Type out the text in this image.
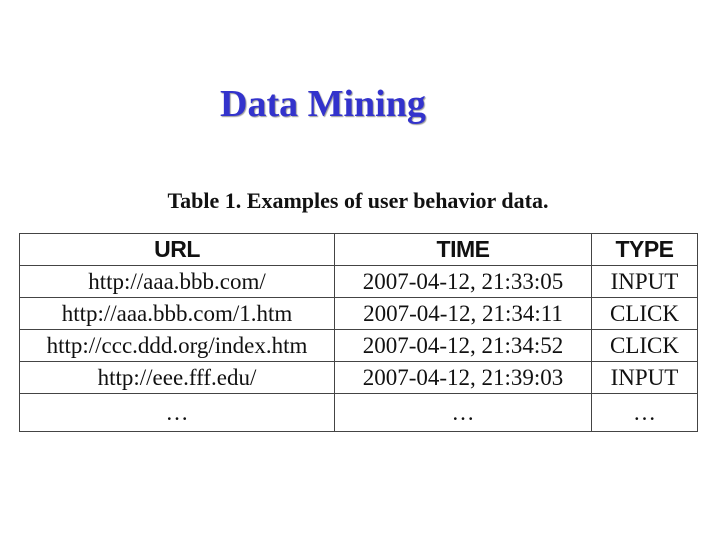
Data Mining

Table 1. Examples of user behavior data.

URL	TIME	TYPE
http://aaa.bbb.com/	2007-04-12, 21:33:05	INPUT
http://aaa.bbb.com/1.htm	2007-04-12, 21:34:11	CLICK
http://ccc.ddd.org/index.htm	2007-04-12, 21:34:52	CLICK
http://eee.fff.edu/	2007-04-12, 21:39:03	INPUT
…	…	…
